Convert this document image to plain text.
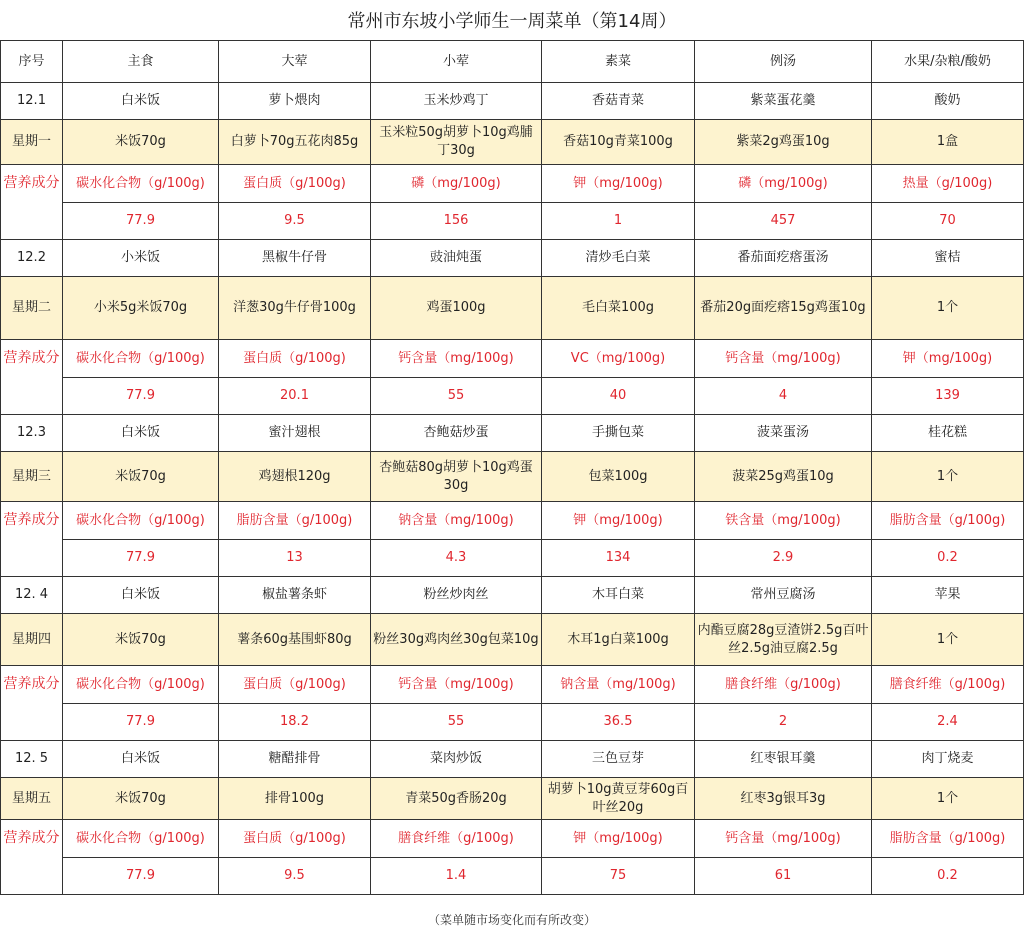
常州市东坡小学师生一周菜单（第14周）
序号	主食	大荤	小荤	素菜	例汤	水果/杂粮/酸奶
12.1	白米饭	萝卜煨肉	玉米炒鸡丁	香菇青菜	紫菜蛋花羹	酸奶
星期一	米饭70g	白萝卜70g五花肉85g	玉米粒50g胡萝卜10g鸡脯丁30g	香菇10g青菜100g	紫菜2g鸡蛋10g	1盒
营养成分	碳水化合物（g/100g)	蛋白质（g/100g)	磷（mg/100g)	钾（mg/100g)	磷（mg/100g)	热量（g/100g)
	77.9	9.5	156	1	457	70
12.2	小米饭	黑椒牛仔骨	豉油炖蛋	清炒毛白菜	番茄面疙瘩蛋汤	蜜桔
星期二	小米5g米饭70g	洋葱30g牛仔骨100g	鸡蛋100g	毛白菜100g	番茄20g面疙瘩15g鸡蛋10g	1个
营养成分	碳水化合物（g/100g)	蛋白质（g/100g)	钙含量（mg/100g)	VC（mg/100g)	钙含量（mg/100g)	钾（mg/100g)
	77.9	20.1	55	40	4	139
12.3	白米饭	蜜汁翅根	杏鲍菇炒蛋	手撕包菜	菠菜蛋汤	桂花糕
星期三	米饭70g	鸡翅根120g	杏鲍菇80g胡萝卜10g鸡蛋30g	包菜100g	菠菜25g鸡蛋10g	1个
营养成分	碳水化合物（g/100g)	脂肪含量（g/100g)	钠含量（mg/100g)	钾（mg/100g)	铁含量（mg/100g)	脂肪含量（g/100g)
	77.9	13	4.3	134	2.9	0.2
12. 4	白米饭	椒盐薯条虾	粉丝炒肉丝	木耳白菜	常州豆腐汤	苹果
星期四	米饭70g	薯条60g基围虾80g	粉丝30g鸡肉丝30g包菜10g	木耳1g白菜100g	内酯豆腐28g豆渣饼2.5g百叶丝2.5g油豆腐2.5g	1个
营养成分	碳水化合物（g/100g)	蛋白质（g/100g)	钙含量（mg/100g)	钠含量（mg/100g)	膳食纤维（g/100g)	膳食纤维（g/100g)
	77.9	18.2	55	36.5	2	2.4
12. 5	白米饭	糖醋排骨	菜肉炒饭	三色豆芽	红枣银耳羹	肉丁烧麦
星期五	米饭70g	排骨100g	青菜50g香肠20g	胡萝卜10g黄豆芽60g百叶丝20g	红枣3g银耳3g	1个
营养成分	碳水化合物（g/100g)	蛋白质（g/100g)	膳食纤维（g/100g)	钾（mg/100g)	钙含量（mg/100g)	脂肪含量（g/100g)
	77.9	9.5	1.4	75	61	0.2
（菜单随市场变化而有所改变）
